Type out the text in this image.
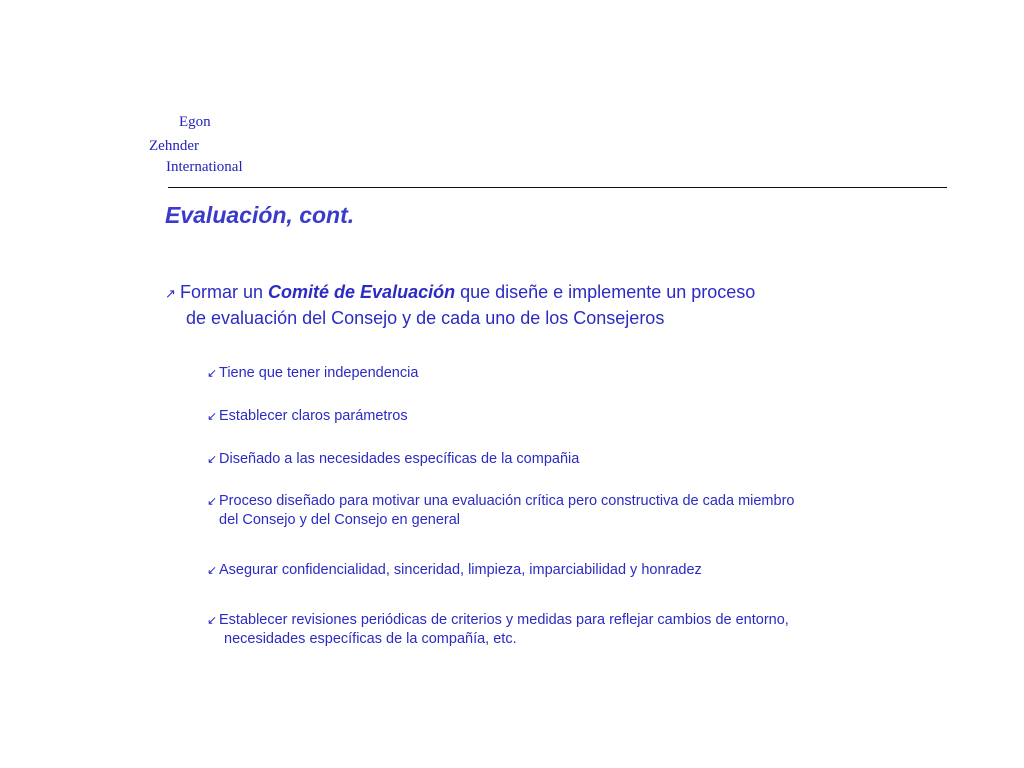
Egon
Zehnder
International
Evaluación, cont.
↗ Formar un Comité de Evaluación que diseñe e implemente un proceso
de evaluación del Consejo y de cada uno de los Consejeros
↙ Tiene que tener independencia
↙ Establecer claros parámetros
↙ Diseñado a las necesidades específicas de la compañia
↙ Proceso diseñado para motivar una evaluación crítica pero constructiva de cada miembro
del Consejo y del Consejo en general
↙ Asegurar confidencialidad, sinceridad, limpieza, imparciabilidad y honradez
↙ Establecer revisiones periódicas de criterios y medidas para reflejar cambios de entorno,
necesidades específicas de la compañía, etc.
